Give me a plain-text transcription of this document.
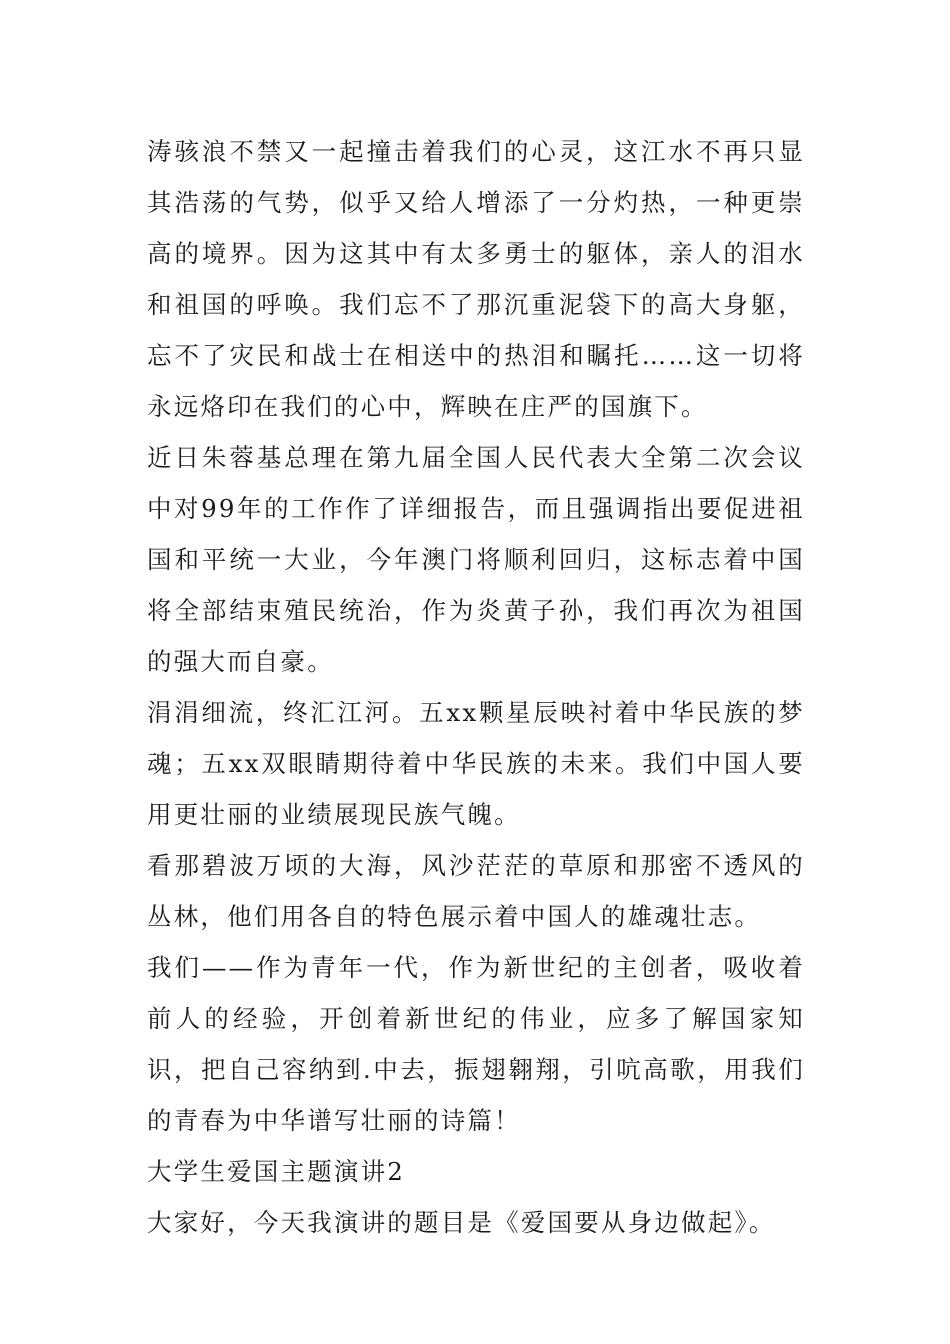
涛骇浪不禁又一起撞击着我们的心灵，这江水不再只显其浩荡的气势，似乎又给人增添了一分灼热，一种更崇高的境界。因为这其中有太多勇士的躯体，亲人的泪水和祖国的呼唤。我们忘不了那沉重泥袋下的高大身躯，忘不了灾民和战士在相送中的热泪和瞩托……这一切将永远烙印在我们的心中，辉映在庄严的国旗下。

近日朱蓉基总理在第九届全国人民代表大全第二次会议中对99年的工作作了详细报告，而且强调指出要促进祖国和平统一大业，今年澳门将顺利回归，这标志着中国将全部结束殖民统治，作为炎黄子孙，我们再次为祖国的强大而自豪。

涓涓细流，终汇江河。五xx颗星辰映衬着中华民族的梦魂；五xx双眼睛期待着中华民族的未来。我们中国人要用更壮丽的业绩展现民族气魄。

看那碧波万顷的大海，风沙茫茫的草原和那密不透风的丛林，他们用各自的特色展示着中国人的雄魂壮志。

我们——作为青年一代，作为新世纪的主创者，吸收着前人的经验，开创着新世纪的伟业，应多了解国家知识，把自己容纳到.中去，振翅翱翔，引吭高歌，用我们的青春为中华谱写壮丽的诗篇！

大学生爱国主题演讲2

大家好，今天我演讲的题目是《爱国要从身边做起》。
